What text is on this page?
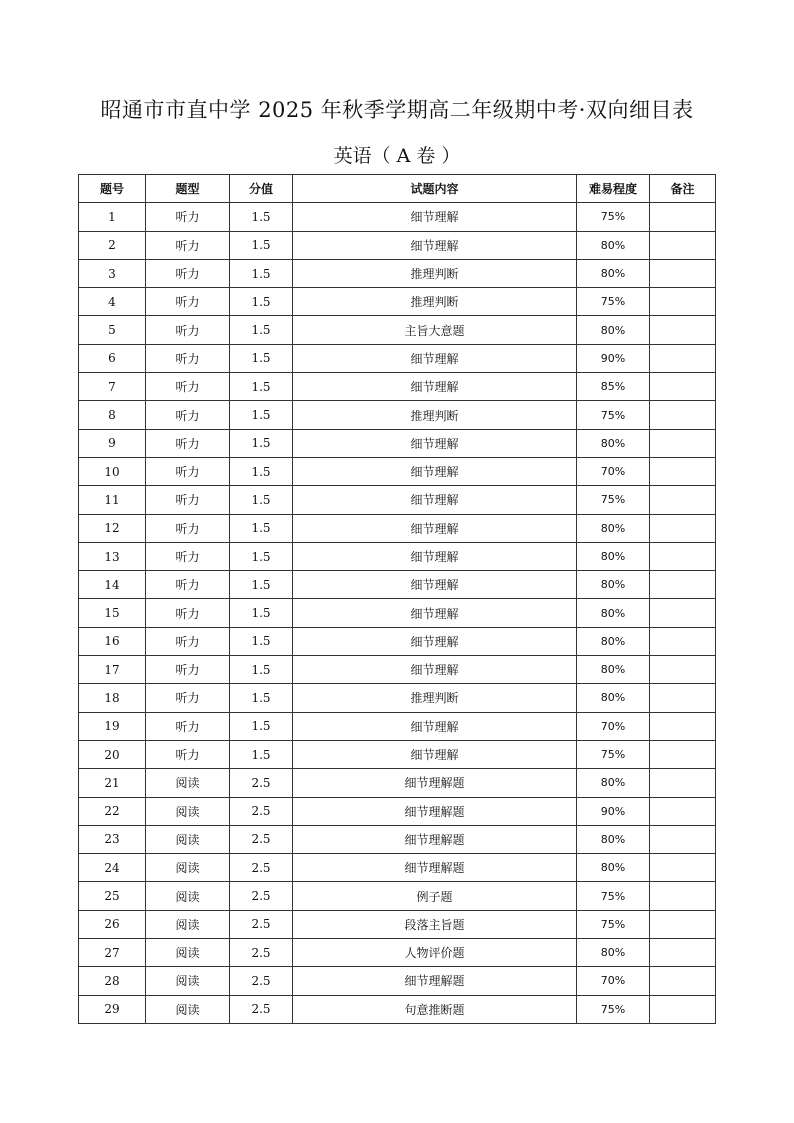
昭通市市直中学 2025 年秋季学期高二年级期中考·双向细目表
英语（ A 卷 ）
题号	题型	分值	试题内容	难易程度	备注
1	听力	1.5	细节理解	75%	
2	听力	1.5	细节理解	80%	
3	听力	1.5	推理判断	80%	
4	听力	1.5	推理判断	75%	
5	听力	1.5	主旨大意题	80%	
6	听力	1.5	细节理解	90%	
7	听力	1.5	细节理解	85%	
8	听力	1.5	推理判断	75%	
9	听力	1.5	细节理解	80%	
10	听力	1.5	细节理解	70%	
11	听力	1.5	细节理解	75%	
12	听力	1.5	细节理解	80%	
13	听力	1.5	细节理解	80%	
14	听力	1.5	细节理解	80%	
15	听力	1.5	细节理解	80%	
16	听力	1.5	细节理解	80%	
17	听力	1.5	细节理解	80%	
18	听力	1.5	推理判断	80%	
19	听力	1.5	细节理解	70%	
20	听力	1.5	细节理解	75%	
21	阅读	2.5	细节理解题	80%	
22	阅读	2.5	细节理解题	90%	
23	阅读	2.5	细节理解题	80%	
24	阅读	2.5	细节理解题	80%	
25	阅读	2.5	例子题	75%	
26	阅读	2.5	段落主旨题	75%	
27	阅读	2.5	人物评价题	80%	
28	阅读	2.5	细节理解题	70%	
29	阅读	2.5	句意推断题	75%	
